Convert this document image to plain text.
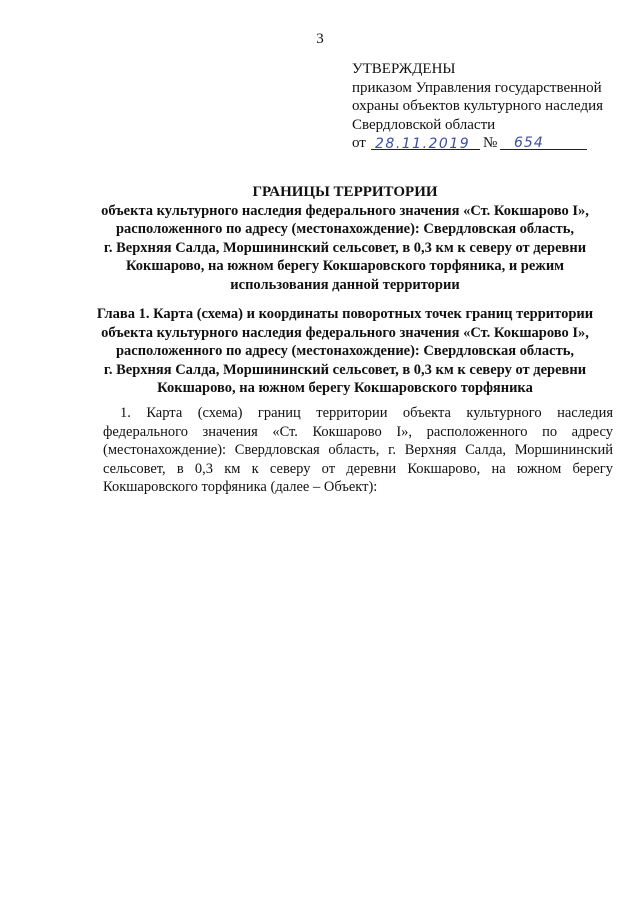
3
УТВЕРЖДЕНЫ
приказом Управления государственной
охраны объектов культурного наследия
Свердловской области
от 28.11.2019 № 654
ГРАНИЦЫ ТЕРРИТОРИИ
объекта культурного наследия федерального значения «Ст. Кокшарово I»,
расположенного по адресу (местонахождение): Свердловская область,
г. Верхняя Салда, Моршининский сельсовет, в 0,3 км к северу от деревни
Кокшарово, на южном берегу Кокшаровского торфяника, и режим
использования данной территории
Глава 1. Карта (схема) и координаты поворотных точек границ территории
объекта культурного наследия федерального значения «Ст. Кокшарово I»,
расположенного по адресу (местонахождение): Свердловская область,
г. Верхняя Салда, Моршининский сельсовет, в 0,3 км к северу от деревни
Кокшарово, на южном берегу Кокшаровского торфяника

1. Карта (схема) границ территории объекта культурного наследия федерального значения «Ст. Кокшарово I», расположенного по адресу (местонахождение): Свердловская область, г. Верхняя Салда, Моршининский сельсовет, в 0,3 км к северу от деревни Кокшарово, на южном берегу Кокшаровского торфяника (далее – Объект):
